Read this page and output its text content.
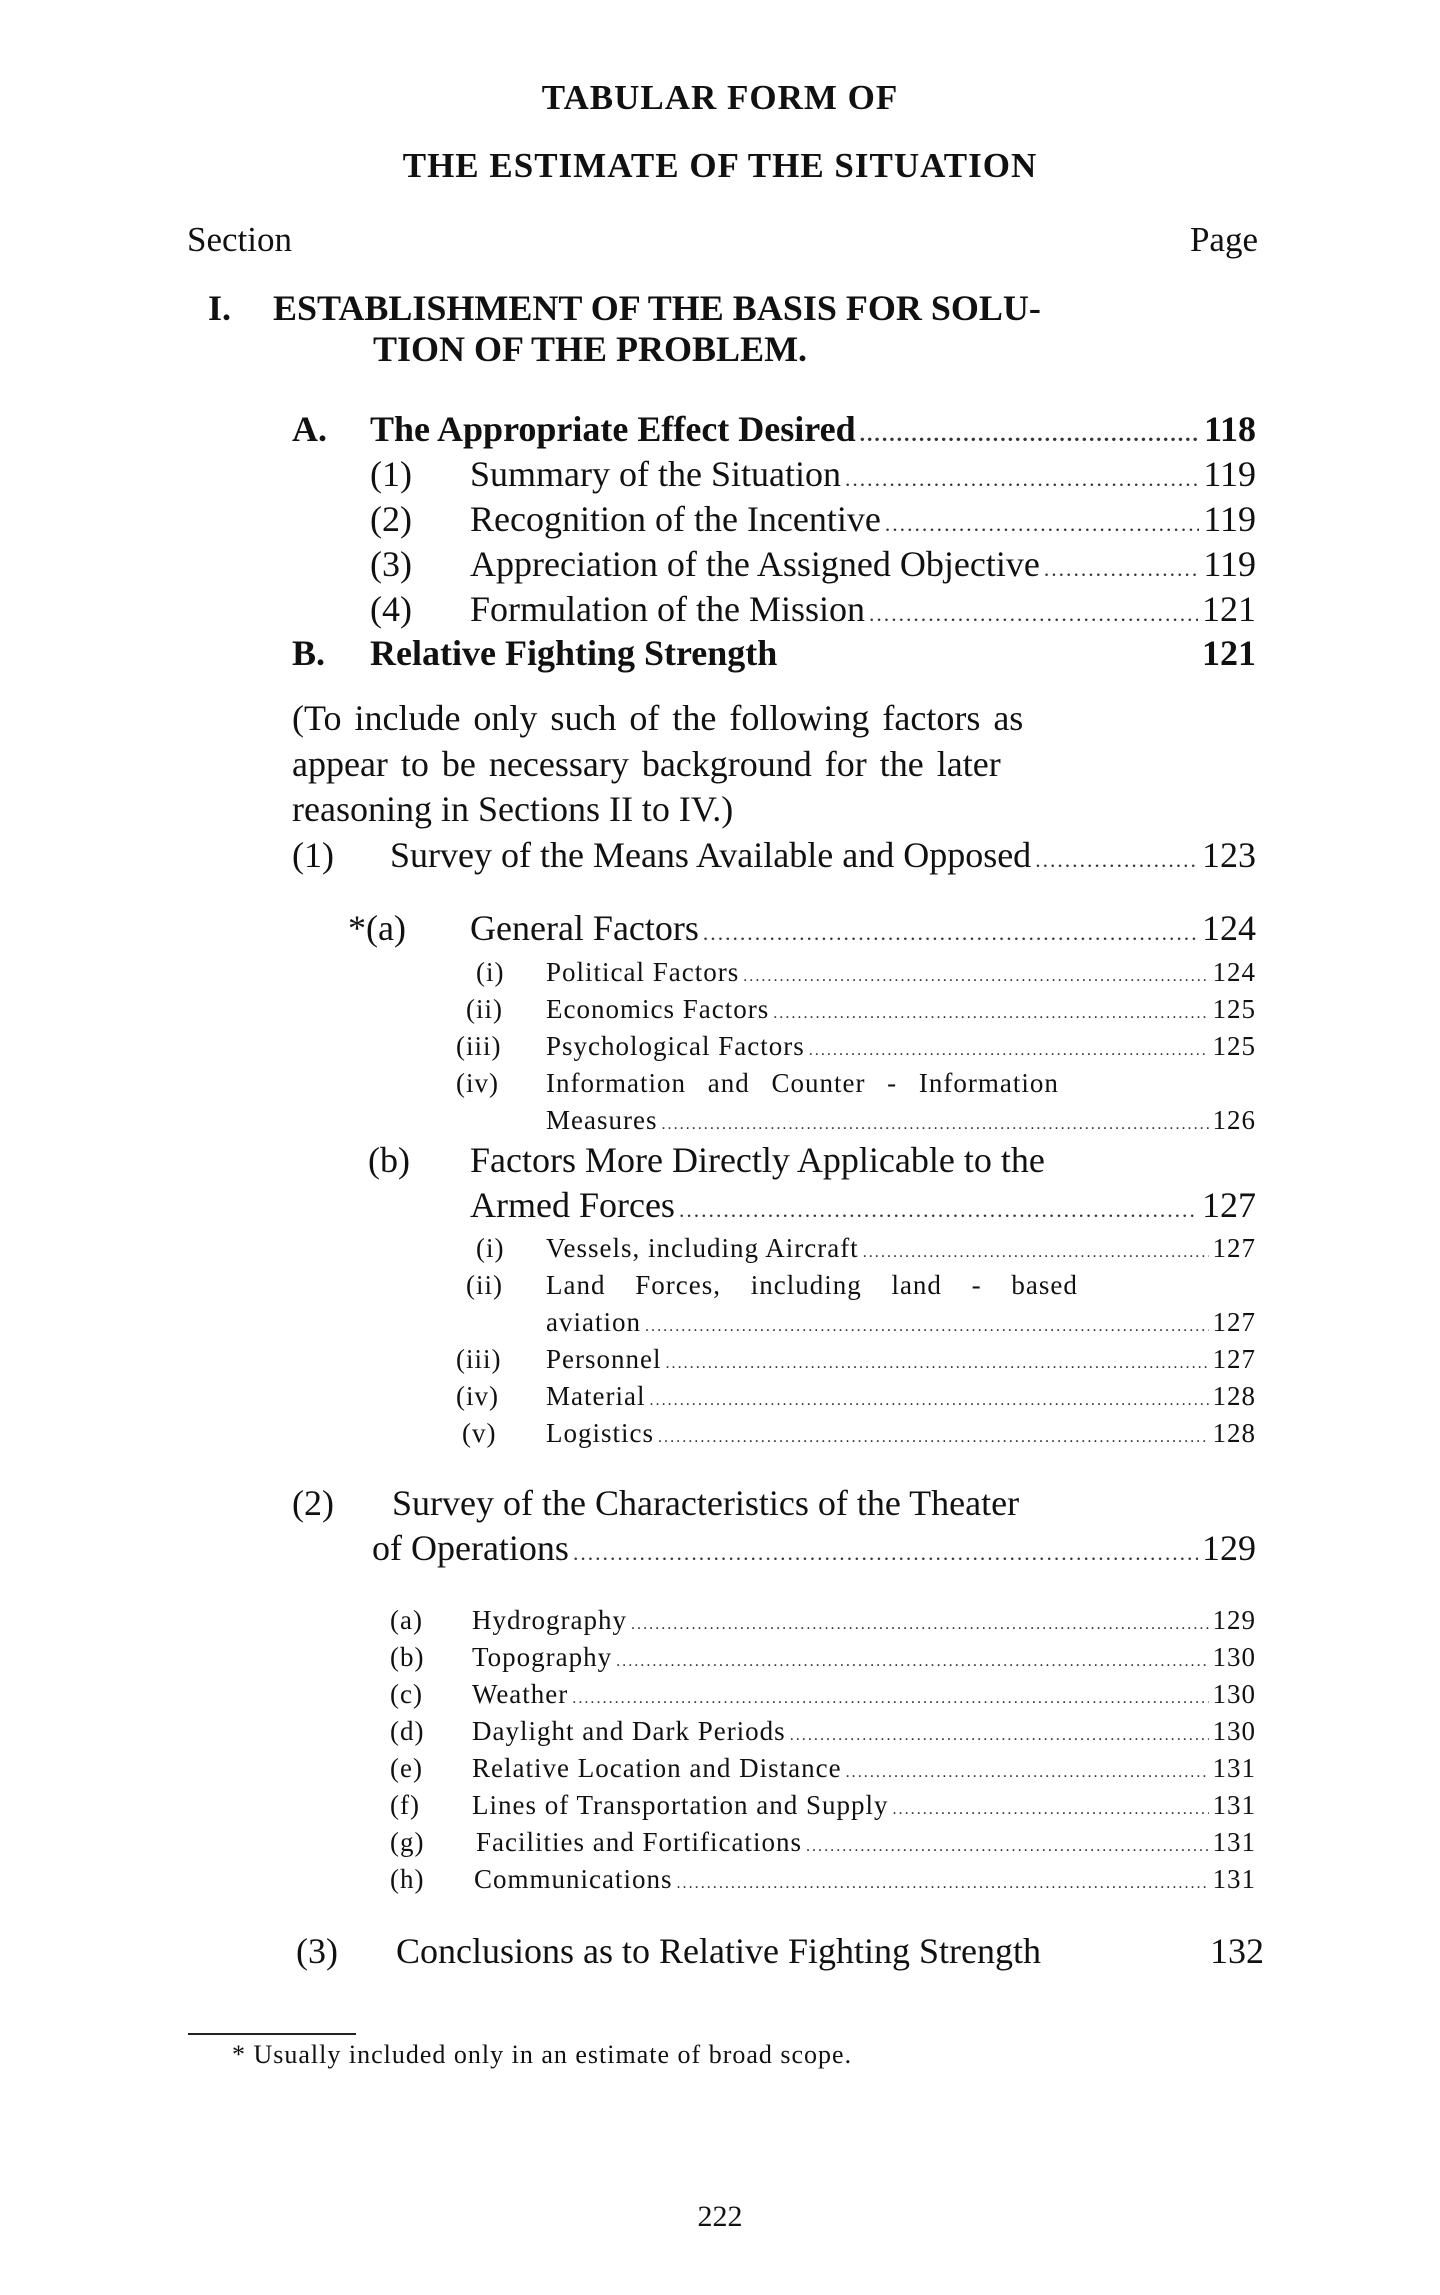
TABULAR FORM OF
THE ESTIMATE OF THE SITUATION
Section	Page
I. ESTABLISHMENT OF THE BASIS FOR SOLU-
TION OF THE PROBLEM.
A. The Appropriate Effect Desired .....	118
(1) Summary of the Situation .....	119
(2) Recognition of the Incentive .....	119
(3) Appreciation of the Assigned Objective .....	119
(4) Formulation of the Mission .....	121
B. Relative Fighting Strength	121
(To include only such of the following factors as
appear to be necessary background for the later
reasoning in Sections II to IV.)
(1) Survey of the Means Available and Opposed .....	123
*(a) General Factors .....	124
(i) Political Factors .....	124
(ii) Economics Factors .....	125
(iii) Psychological Factors .....	125
(iv) Information and Counter - Information
Measures .....	126
(b) Factors More Directly Applicable to the
Armed Forces .....	127
(i) Vessels, including Aircraft .....	127
(ii) Land Forces, including land - based
aviation .....	127
(iii) Personnel .....	127
(iv) Material .....	128
(v) Logistics .....	128
(2) Survey of the Characteristics of the Theater
of Operations .....	129
(a) Hydrography .....	129
(b) Topography .....	130
(c) Weather .....	130
(d) Daylight and Dark Periods .....	130
(e) Relative Location and Distance .....	131
(f) Lines of Transportation and Supply .....	131
(g) Facilities and Fortifications .....	131
(h) Communications .....	131
(3) Conclusions as to Relative Fighting Strength	132
* Usually included only in an estimate of broad scope.
222
